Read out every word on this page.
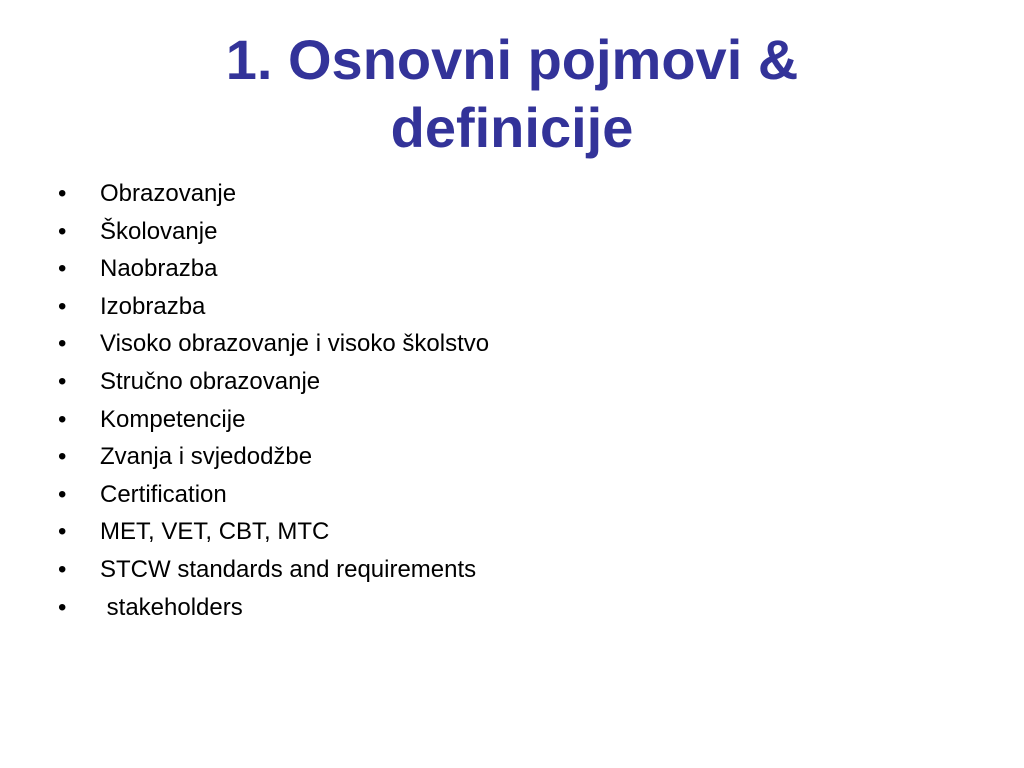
1. Osnovni pojmovi &
definicije
•	Obrazovanje
•	Školovanje
•	Naobrazba
•	Izobrazba
•	Visoko obrazovanje i visoko školstvo
•	Stručno obrazovanje
•	Kompetencije
•	Zvanja i svjedodžbe
•	Certification
•	MET, VET, CBT, MTC
•	STCW standards and requirements
•	stakeholders
